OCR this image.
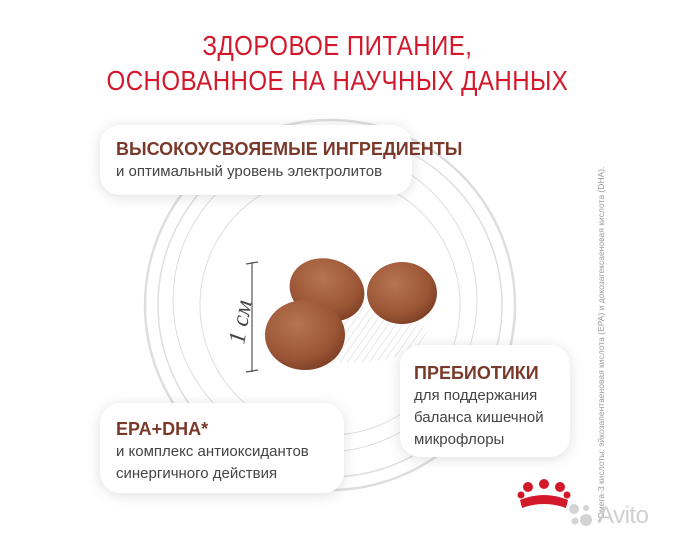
1 см
ЗДОРОВОЕ ПИТАНИЕ,
ОСНОВАННОЕ НА НАУЧНЫХ ДАННЫХ
ВЫСОКОУСВОЯЕМЫЕ ИНГРЕДИЕНТЫ
и оптимальный уровень электролитов
ПРЕБИОТИКИ
для поддержания
баланса кишечной
микрофлоры
EPA+DHA*
и комплекс антиоксидантов
синергичного действия	*Омега-3 кислоты: эйкозапентаеновая кислота (EPA) и докозагексаеновая кислота (DHA).
Avito
